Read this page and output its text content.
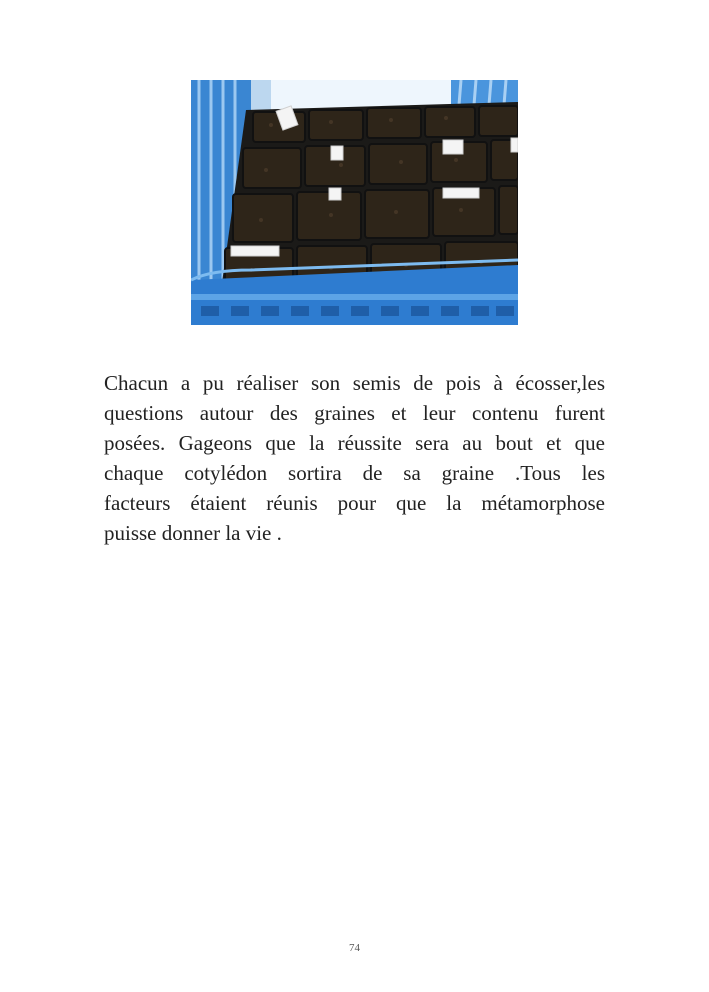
Chacun a pu réaliser son semis de pois à écosser,les
questions autour des graines et leur contenu furent
posées. Gageons que la réussite sera au bout et que
chaque cotylédon sortira de sa graine .Tous les
facteurs étaient réunis pour que la métamorphose
puisse donner la vie .
74
